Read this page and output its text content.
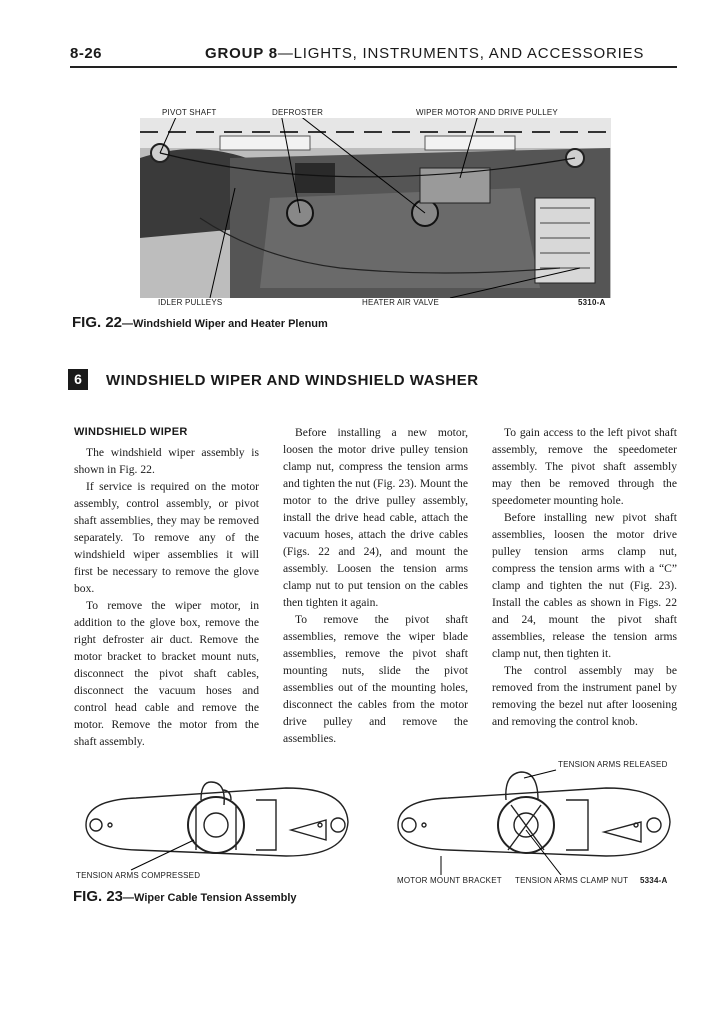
8-26	GROUP 8—LIGHTS, INSTRUMENTS, AND ACCESSORIES
PIVOT SHAFT	DEFROSTER	WIPER MOTOR AND DRIVE PULLEY
IDLER PULLEYS	HEATER AIR VALVE	5310-A
FIG. 22—Windshield Wiper and Heater Plenum
6	WINDSHIELD WIPER AND WINDSHIELD WASHER

WINDSHIELD WIPER

The windshield wiper assembly is shown in Fig. 22.

If service is required on the motor assembly, control assembly, or pivot shaft assemblies, they may be removed separately. To remove any of the windshield wiper assemblies it will first be necessary to remove the glove box.

To remove the wiper motor, in addition to the glove box, remove the right defroster air duct. Remove the motor bracket to bracket mount nuts, disconnect the pivot shaft cables, disconnect the vacuum hoses and control head cable and remove the motor. Remove the motor from the shaft assembly.

Before installing a new motor, loosen the motor drive pulley tension clamp nut, compress the tension arms and tighten the nut (Fig. 23). Mount the motor to the drive pulley assembly, install the drive head cable, attach the vacuum hoses, attach the drive cables (Figs. 22 and 24), and mount the assembly. Loosen the tension arms clamp nut to put tension on the cables then tighten it again.

To remove the pivot shaft assemblies, remove the wiper blade assemblies, remove the pivot shaft mounting nuts, slide the pivot assemblies out of the mounting holes, disconnect the cables from the motor drive pulley and remove the assemblies.

To gain access to the left pivot shaft assembly, remove the speedometer assembly. The pivot shaft assembly may then be removed through the speedometer mounting hole.

Before installing new pivot shaft assemblies, loosen the motor drive pulley tension arms clamp nut, compress the tension arms with a “C” clamp and tighten the nut (Fig. 23). Install the cables as shown in Figs. 22 and 24, mount the pivot shaft assemblies, release the tension arms clamp nut, then tighten it.

The control assembly may be removed from the instrument panel by removing the bezel nut after loosening and removing the control knob.

TENSION ARMS RELEASED
TENSION ARMS COMPRESSED
MOTOR MOUNT BRACKET TENSION ARMS CLAMP NUT 5334-A
FIG. 23—Wiper Cable Tension Assembly
